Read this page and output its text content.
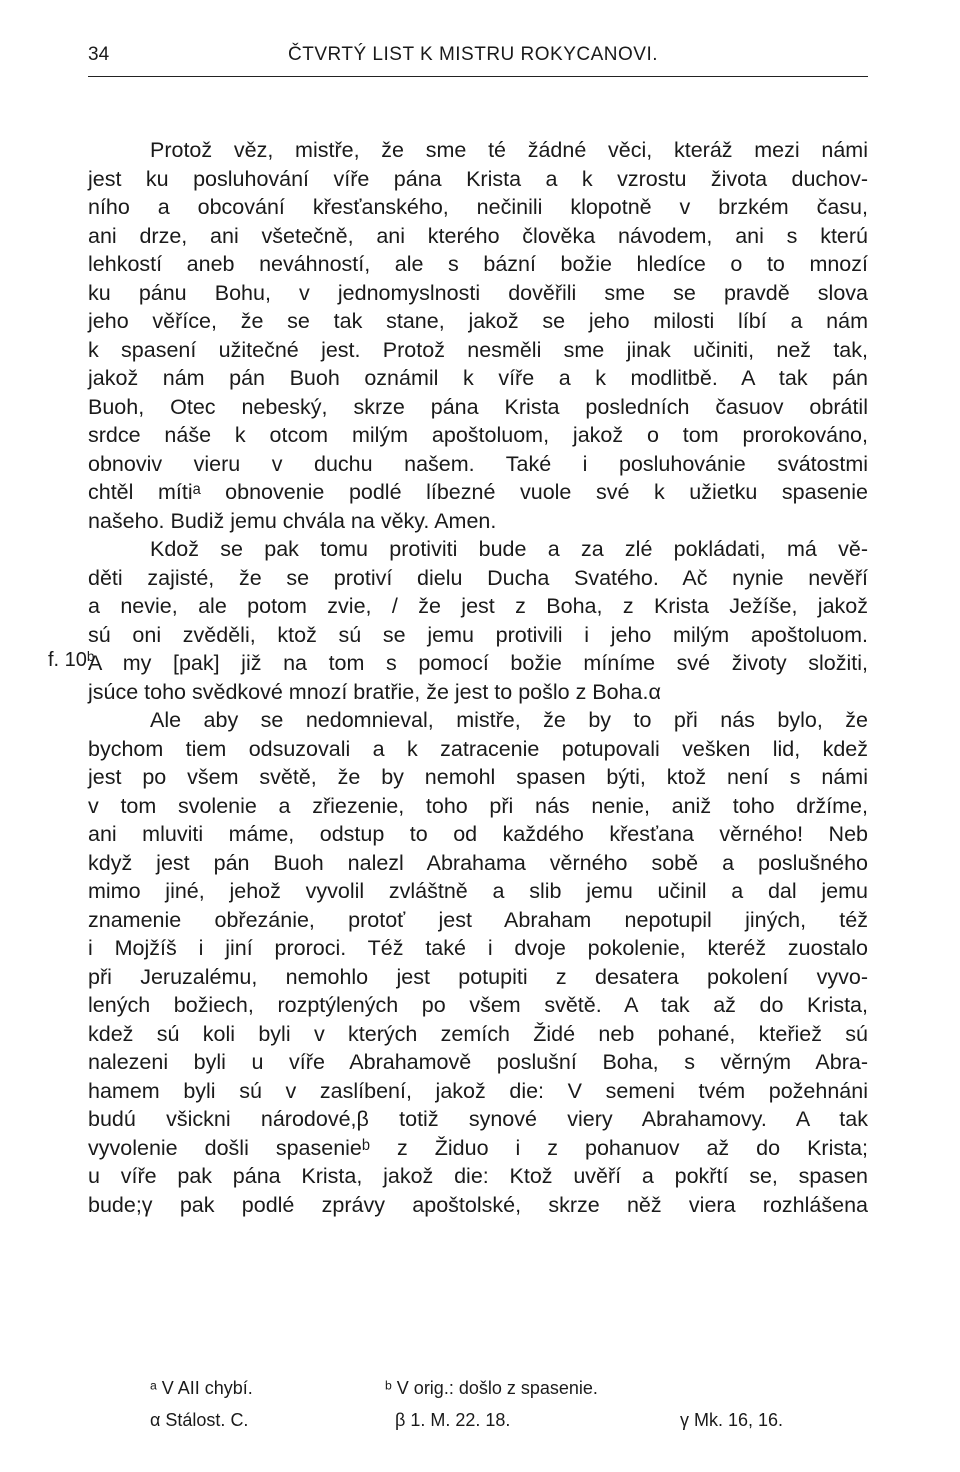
34	ČTVRTÝ LIST K MISTRU ROKYCANOVI.
f. 10ᵇ
Protož věz, mistře, že sme té žádné věci, kteráž mezi námi
jest ku posluhování víře pána Krista a k vzrostu života duchov-
ního a obcování křesťanského, nečinili klopotně v brzkém času,
ani drze, ani všetečně, ani kterého člověka návodem, ani s kterú
lehkostí aneb neváhností, ale s bázní božie hledíce o to mnozí
ku pánu Bohu, v jednomyslnosti dověřili sme se pravdě slova
jeho věříce, že se tak stane, jakož se jeho milosti líbí a nám
k spasení užitečné jest. Protož nesměli sme jinak učiniti, než tak,
jakož nám pán Buoh oznámil k víře a k modlitbě. A tak pán
Buoh, Otec nebeský, skrze pána Krista posledních časuov obrátil
srdce náše k otcom milým apoštoluom, jakož o tom prorokováno,
obnoviv vieru v duchu našem. Také i posluhovánie svátostmi
chtěl mítiᵃ obnovenie podlé líbezné vuole své k užietku spasenie
našeho. Budiž jemu chvála na věky. Amen.
Kdož se pak tomu protiviti bude a za zlé pokládati, má vě-
děti zajisté, že se protiví dielu Ducha Svatého. Ač nynie nevěří
a nevie, ale potom zvie, / že jest z Boha, z Krista Ježíše, jakož
sú oni zvěděli, ktož sú se jemu protivili i jeho milým apoštoluom.
A my [pak] již na tom s pomocí božie míníme své životy složiti,
jsúce toho svědkové mnozí bratřie, že jest to pošlo z Boha.α
Ale aby se nedomnieval, mistře, že by to při nás bylo, že
bychom tiem odsuzovali a k zatracenie potupovali vešken lid, kdež
jest po všem světě, že by nemohl spasen býti, ktož není s námi
v tom svolenie a zřiezenie, toho při nás nenie, aniž toho držíme,
ani mluviti máme, odstup to od každého křesťana věrného! Neb
když jest pán Buoh nalezl Abrahama věrného sobě a poslušného
mimo jiné, jehož vyvolil zvláštně a slib jemu učinil a dal jemu
znamenie obřezánie, protoť jest Abraham nepotupil jiných, též
i Mojžíš i jiní proroci. Též také i dvoje pokolenie, kteréž zuostalo
při Jeruzalému, nemohlo jest potupiti z desatera pokolení vyvo-
lených božiech, rozptýlených po všem světě. A tak až do Krista,
kdež sú koli byli v kterých zemích Židé neb pohané, kteřiež sú
nalezeni byli u víře Abrahamově poslušní Boha, s věrným Abra-
hamem byli sú v zaslíbení, jakož die: V semeni tvém požehnáni
budú všickni národové,β totiž synové viery Abrahamovy. A tak
vyvolenie došli spasenieᵇ z Židuo i z pohanuov až do Krista;
u víře pak pána Krista, jakož die: Ktož uvěří a pokřtí se, spasen
bude;γ pak podlé zprávy apoštolské, skrze něž viera rozhlášena
ᵃ V AII chybí.	ᵇ V orig.: došlo z spasenie.
α Stálost. C.	β 1. M. 22. 18.	γ Mk. 16, 16.
